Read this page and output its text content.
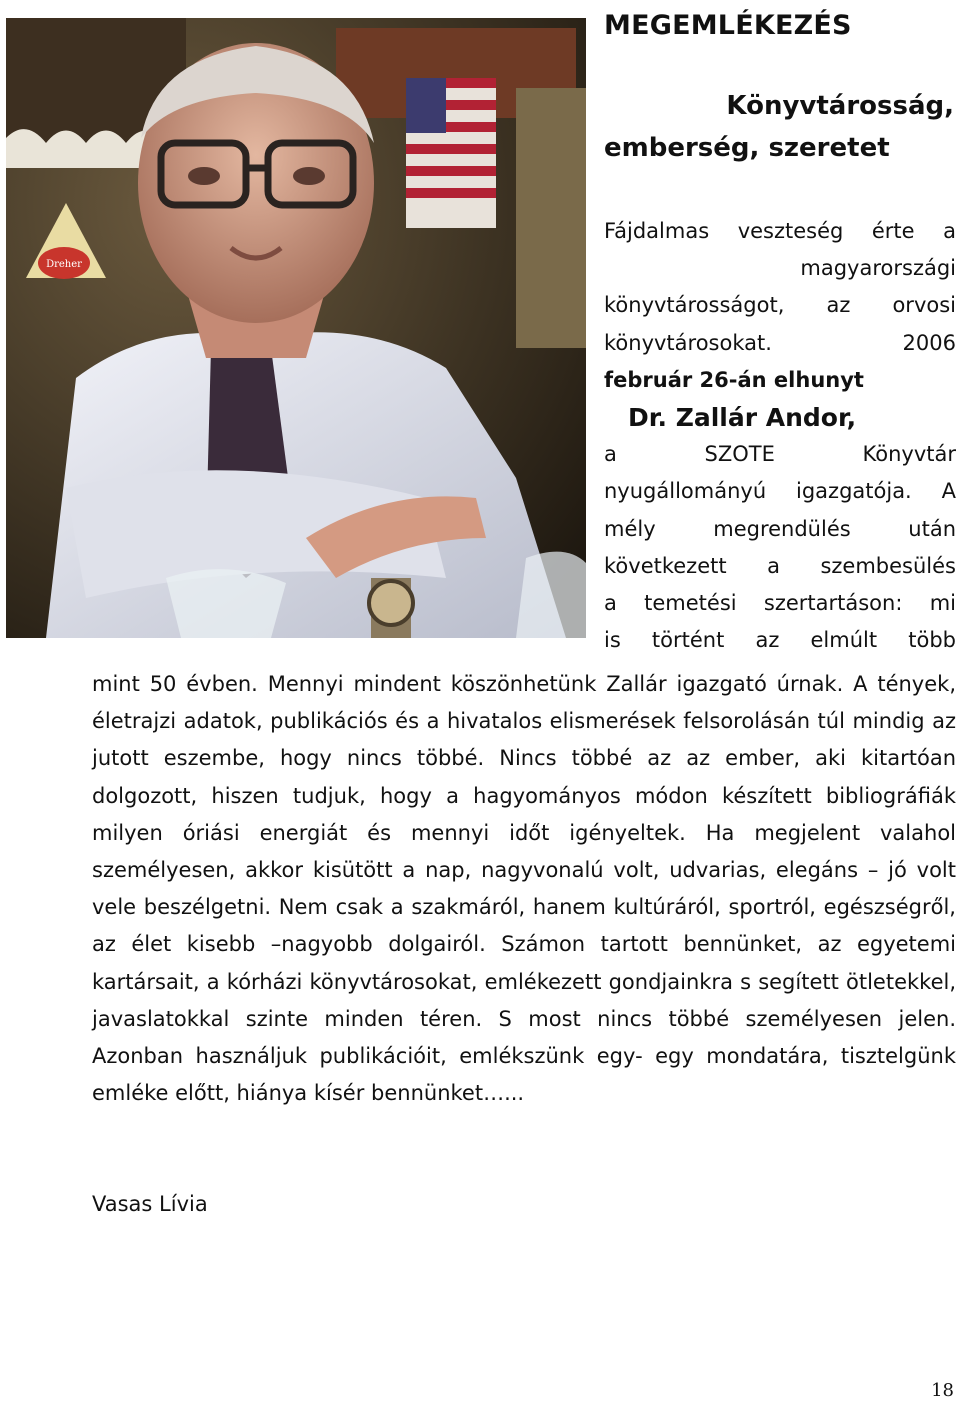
Dreher

MEGEMLÉKEZÉS

Könyvtárosság,

emberség, szeretet

Fájdalmas veszteség érte a
magyarországi
könyvtárosságot, az orvosi
könyvtárosokat. 2006
február 26-án elhunyt
Dr. Zallár Andor,
a SZOTE Könyvtár
nyugállományú igazgatója. A
mély megrendülés után
következett a szembesülés
a temetési szertartáson: mi
is történt az elmúlt több

mint 50 évben. Mennyi mindent köszönhetünk Zallár igazgató úrnak. A tények, életrajzi adatok, publikációs és a hivatalos elismerések felsorolásán túl mindig az jutott eszembe, hogy nincs többé. Nincs többé az az ember, aki kitartóan dolgozott, hiszen tudjuk, hogy a hagyományos módon készített bibliográfiák milyen óriási energiát és mennyi időt igényeltek. Ha megjelent valahol személyesen, akkor kisütött a nap, nagyvonalú volt, udvarias, elegáns – jó volt vele beszélgetni. Nem csak a szakmáról, hanem kultúráról, sportról, egészségről, az élet kisebb –nagyobb dolgairól. Számon tartott bennünket, az egyetemi kartársait, a kórházi könyvtárosokat, emlékezett gondjainkra s segített ötletekkel, javaslatokkal szinte minden téren. S most nincs többé személyesen jelen. Azonban használjuk publikációit, emlékszünk egy- egy mondatára, tisztelgünk emléke előtt, hiánya kísér bennünket…...

Vasas Lívia

18
